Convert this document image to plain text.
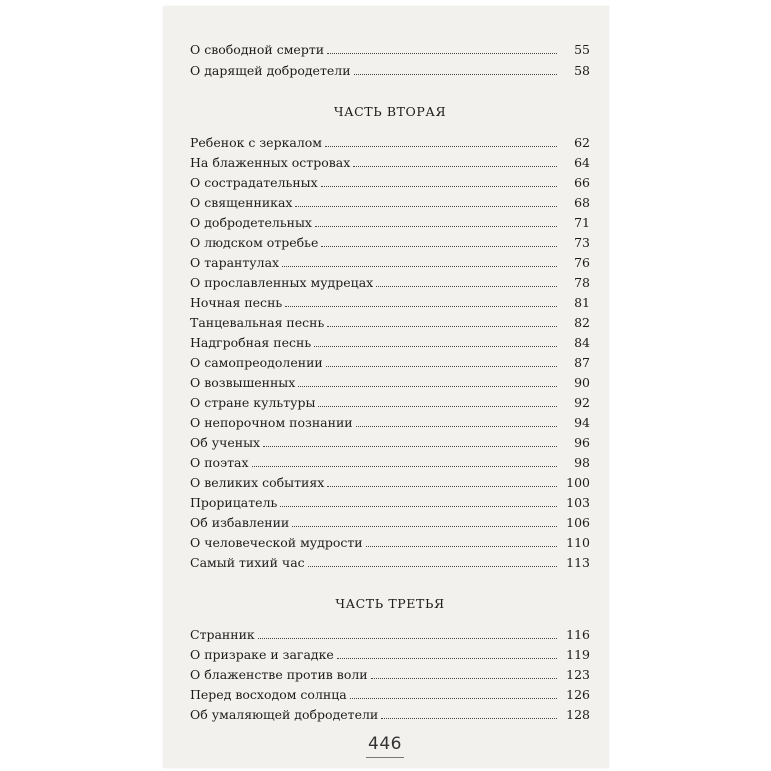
О свободной смерти	55
О дарящей добродетели	58
ЧАСТЬ ВТОРАЯ
Ребенок с зеркалом	62
На блаженных островах	64
О сострадательных	66
О священниках	68
О добродетельных	71
О людском отребье	73
О тарантулах	76
О прославленных мудрецах	78
Ночная песнь	81
Танцевальная песнь	82
Надгробная песнь	84
О самопреодолении	87
О возвышенных	90
О стране культуры	92
О непорочном познании	94
Об ученых	96
О поэтах	98
О великих событиях	100
Прорицатель	103
Об избавлении	106
О человеческой мудрости	110
Самый тихий час	113
ЧАСТЬ ТРЕТЬЯ
Странник	116
О призраке и загадке	119
О блаженстве против воли	123
Перед восходом солнца	126
Об умаляющей добродетели	128
446
